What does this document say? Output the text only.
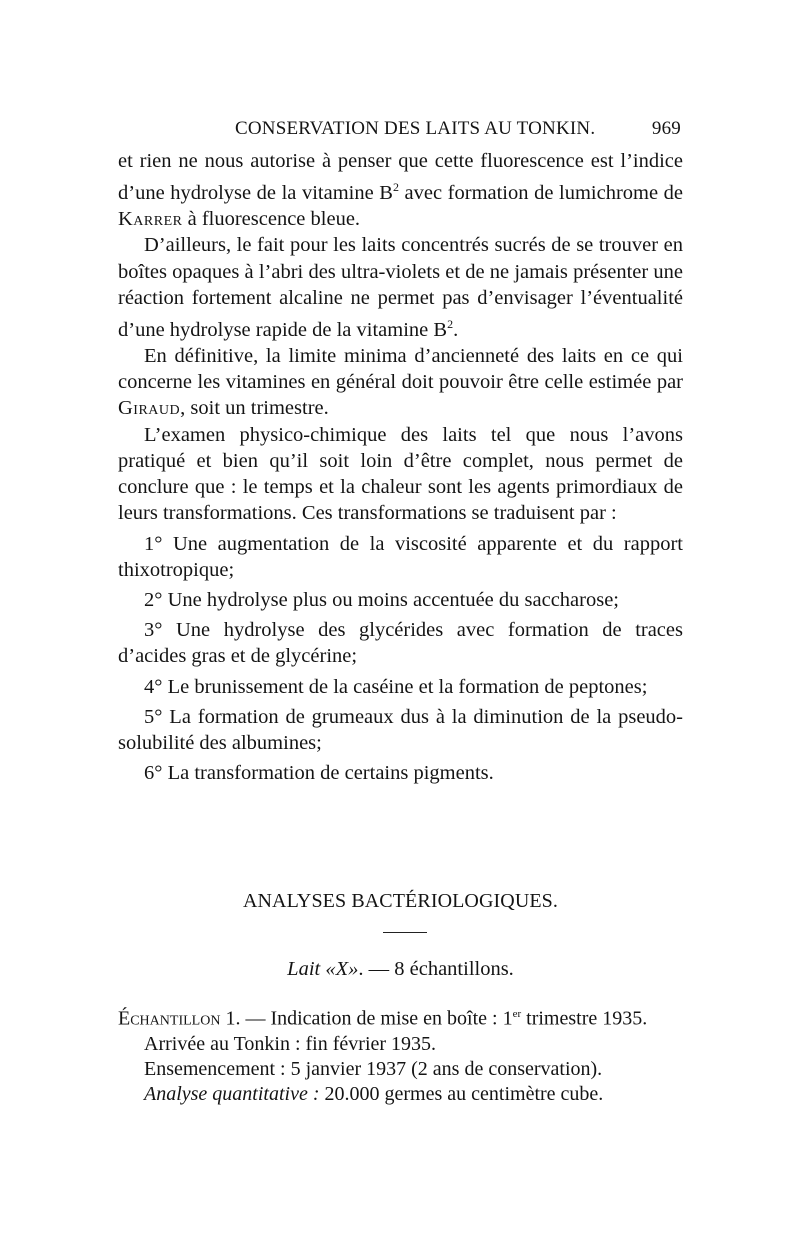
CONSERVATION DES LAITS AU TONKIN.	969

et rien ne nous autorise à penser que cette fluorescence est l’indice d’une hydrolyse de la vitamine $B^2$ avec formation de lumichrome de Karrer à fluorescence bleue.

D’ailleurs, le fait pour les laits concentrés sucrés de se trouver en boîtes opaques à l’abri des ultra-violets et de ne jamais présenter une réaction fortement alcaline ne permet pas d’envisager l’éventualité d’une hydrolyse rapide de la vitamine $B^2$.

En définitive, la limite minima d’ancienneté des laits en ce qui concerne les vitamines en général doit pouvoir être celle estimée par Giraud, soit un trimestre.

L’examen physico-chimique des laits tel que nous l’avons pratiqué et bien qu’il soit loin d’être complet, nous permet de conclure que : le temps et la chaleur sont les agents primordiaux de leurs transformations. Ces transformations se traduisent par :

1° Une augmentation de la viscosité apparente et du rapport thixotropique;

2° Une hydrolyse plus ou moins accentuée du saccharose;

3° Une hydrolyse des glycérides avec formation de traces d’acides gras et de glycérine;

4° Le brunissement de la caséine et la formation de peptones;

5° La formation de grumeaux dus à la diminution de la pseudo-solubilité des albumines;

6° La transformation de certains pigments.

ANALYSES BACTÉRIOLOGIQUES.
Lait «X». — 8 échantillons.

Échantillon 1. — Indication de mise en boîte : 1er trimestre 1935.

Arrivée au Tonkin : fin février 1935.

Ensemencement : 5 janvier 1937 (2 ans de conservation).

Analyse quantitative : 20.000 germes au centimètre cube.
